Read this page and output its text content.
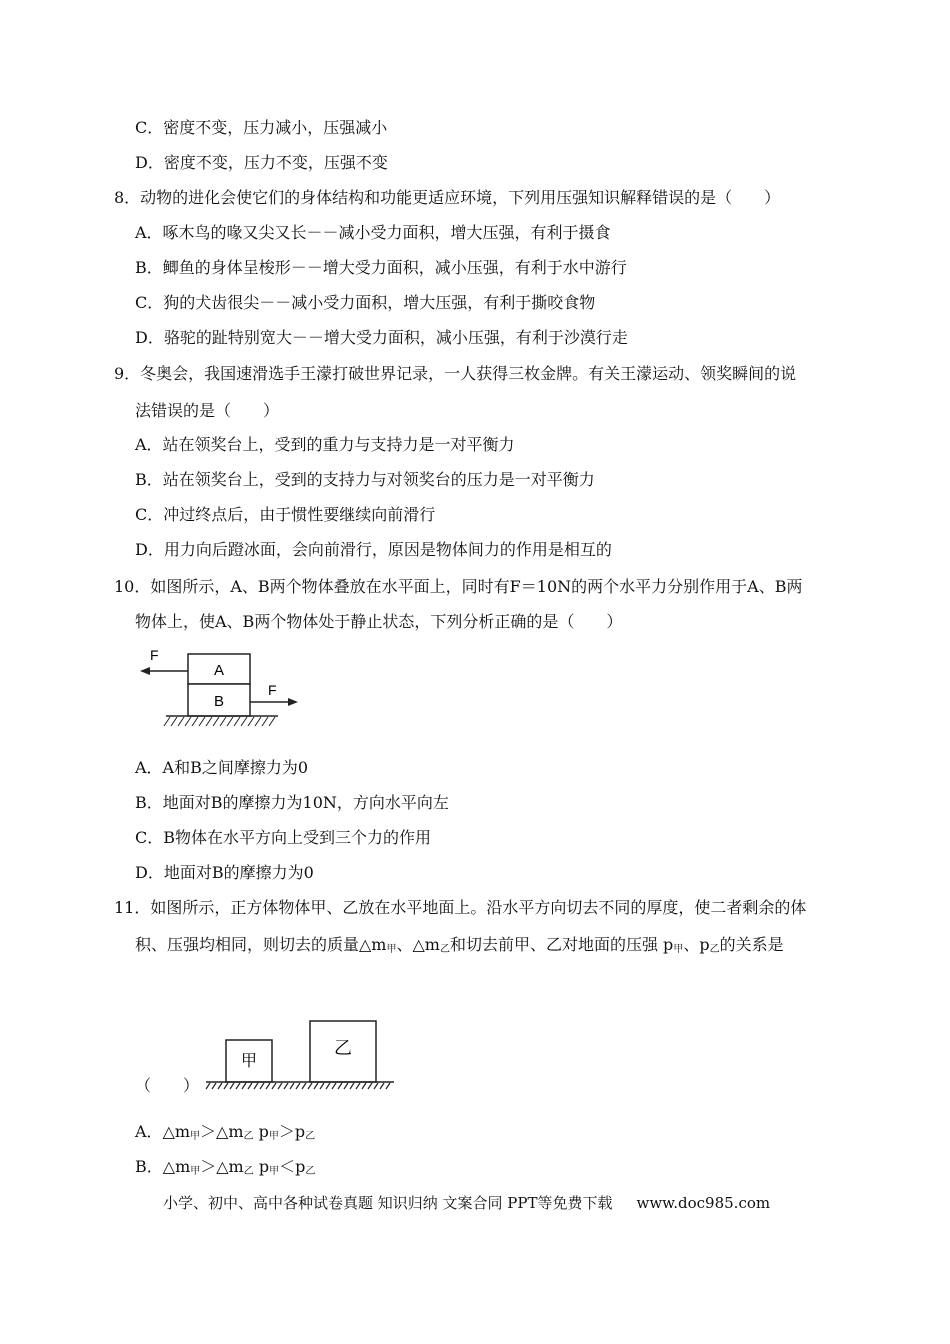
C．密度不变，压力减小，压强减小
D．密度不变，压力不变，压强不变
8．动物的进化会使它们的身体结构和功能更适应环境，下列用压强知识解释错误的是（　　）
A．啄木鸟的喙又尖又长－－减小受力面积，增大压强，有利于摄食
B．鲫鱼的身体呈梭形－－增大受力面积，减小压强，有利于水中游行
C．狗的犬齿很尖－－减小受力面积，增大压强，有利于撕咬食物
D．骆驼的趾特别宽大－－增大受力面积，减小压强，有利于沙漠行走
9．冬奥会，我国速滑选手王濛打破世界记录，一人获得三枚金牌。有关王濛运动、领奖瞬间的说
法错误的是（　　）
A．站在领奖台上，受到的重力与支持力是一对平衡力
B．站在领奖台上，受到的支持力与对领奖台的压力是一对平衡力
C．冲过终点后，由于惯性要继续向前滑行
D．用力向后蹬冰面，会向前滑行，原因是物体间力的作用是相互的
10．如图所示，A、B两个物体叠放在水平面上，同时有F＝10N的两个水平力分别作用于A、B两
物体上，使A、B两个物体处于静止状态，下列分析正确的是（　　）
A
B
F
F
A．A和B之间摩擦力为0
B．地面对B的摩擦力为10N，方向水平向左
C．B物体在水平方向上受到三个力的作用
D．地面对B的摩擦力为0
11．如图所示，正方体物体甲、乙放在水平地面上。沿水平方向切去不同的厚度，使二者剩余的体
积、压强均相同，则切去的质量$\triangle m_甲$、$\triangle m_乙$和切去前甲、乙对地面的压强 $p_甲$、$p_乙$的关系是
（　　）
甲
乙
A．$\triangle m_甲>\triangle m_乙$ $p_甲>p_乙$
B．$\triangle m_甲>\triangle m_乙$ $p_甲<p_乙$
小学、初中、高中各种试卷真题 知识归纳 文案合同 PPT等免费下载 www.doc985.com
